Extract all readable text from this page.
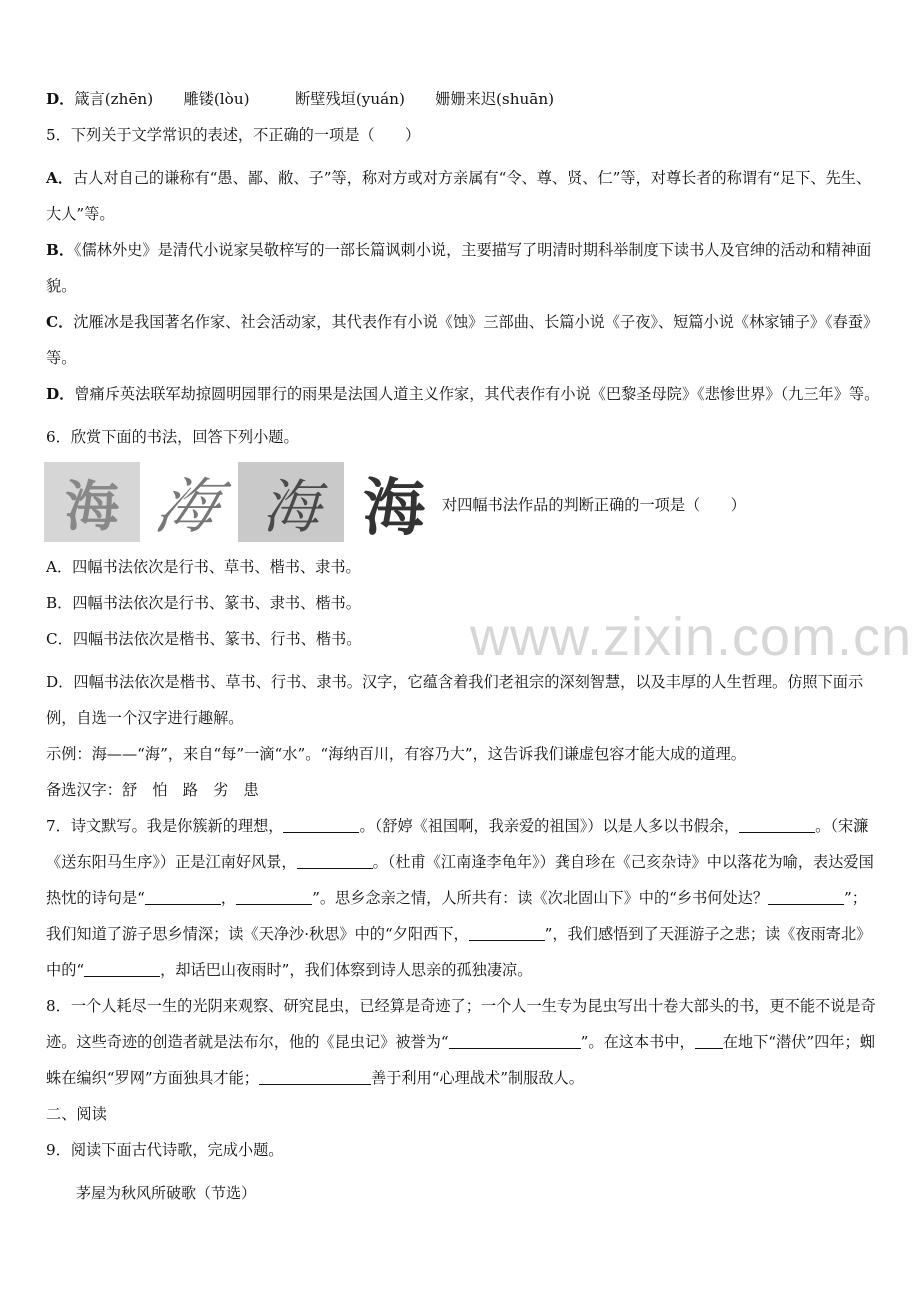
D．箴言(zhēn)　　雕镂(lòu)　　　断壁残垣(yuán)　　姗姗来迟(shuān)
5．下列关于文学常识的表述，不正确的一项是（　　）
A．古人对自己的谦称有“愚、鄙、敝、子”等，称对方或对方亲属有“令、尊、贤、仁”等，对尊长者的称谓有“足下、先生、大人”等。
B．《儒林外史》是清代小说家吴敬梓写的一部长篇讽刺小说，主要描写了明清时期科举制度下读书人及官绅的活动和精神面貌。
C．沈雁冰是我国著名作家、社会活动家，其代表作有小说《蚀》三部曲、长篇小说《子夜》、短篇小说《林家铺子》《春蚕》等。
D．曾痛斥英法联军劫掠圆明园罪行的雨果是法国人道主义作家，其代表作有小说《巴黎圣母院》《悲惨世界》（九三年》等。
6．欣赏下面的书法，回答下列小题。
海 海 海 海 对四幅书法作品的判断正确的一项是（　　）
A．四幅书法依次是行书、草书、楷书、隶书。
B．四幅书法依次是行书、篆书、隶书、楷书。
C．四幅书法依次是楷书、篆书、行书、楷书。
D．四幅书法依次是楷书、草书、行书、隶书。汉字，它蕴含着我们老祖宗的深刻智慧，以及丰厚的人生哲理。仿照下面示例，自选一个汉字进行趣解。
示例：海——“海”，来自“每”一滴“水”。“海纳百川，有容乃大”，这告诉我们谦虚包容才能大成的道理。
备选汉字：舒　怕　路　劣　患
7．诗文默写。我是你簇新的理想，	。（舒婷《祖国啊，我亲爱的祖国》）以是人多以书假余，	。（宋濂《送东阳马生序》）正是江南好风景，	。（杜甫《江南逢李龟年》）龚自珍在《己亥杂诗》中以落花为喻，表达爱国热忱的诗句是“	，	”。思乡念亲之情，人所共有：读《次北固山下》中的“乡书何处达？	”；我们知道了游子思乡情深；读《天净沙·秋思》中的“夕阳西下，	”，我们感悟到了天涯游子之悲；读《夜雨寄北》中的“	，却话巴山夜雨时”，我们体察到诗人思亲的孤独凄凉。
8．一个人耗尽一生的光阴来观察、研究昆虫，已经算是奇迹了；一个人一生专为昆虫写出十卷大部头的书，更不能不说是奇迹。这些奇迹的创造者就是法布尔，他的《昆虫记》被誉为“	”。在这本书中， 在地下“潜伏”四年；蜘蛛在编织“罗网”方面独具才能；	善于利用“心理战术”制服敌人。
二、阅读
9．阅读下面古代诗歌，完成小题。
茅屋为秋风所破歌（节选）
www.zixin.com.cn
